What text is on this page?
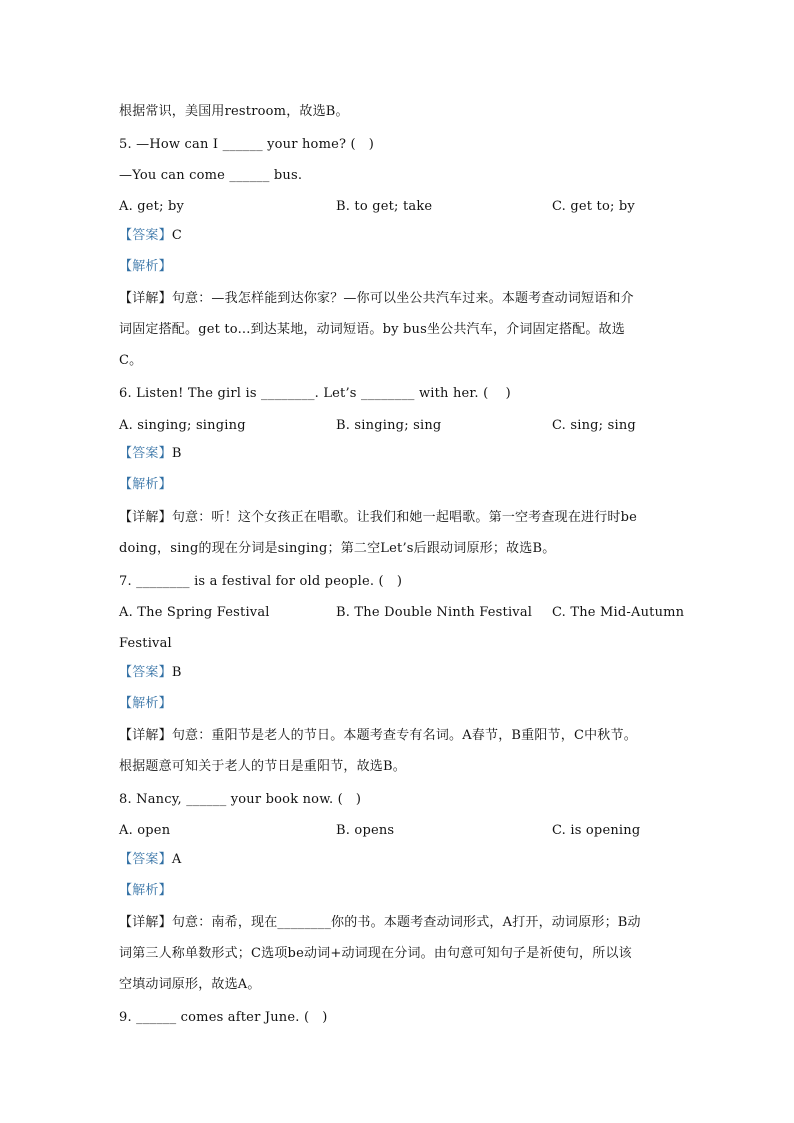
根据常识，美国用restroom，故选B。
5. —How can I ______ your home? (   )
—You can come ______ bus.
A. get; by	B. to get; take	C. get to; by
【答案】C
【解析】
【详解】句意：—我怎样能到达你家？—你可以坐公共汽车过来。本题考查动词短语和介
词固定搭配。get to...到达某地，动词短语。by bus坐公共汽车，介词固定搭配。故选
C。
6. Listen! The girl is ________. Let’s ________ with her. (    )
A. singing; singing	B. singing; sing	C. sing; sing
【答案】B
【解析】
【详解】句意：听！这个女孩正在唱歌。让我们和她一起唱歌。第一空考查现在进行时be
doing，sing的现在分词是singing；第二空Let’s后跟动词原形；故选B。
7. ________ is a festival for old people. (   )
A. The Spring Festival	B. The Double Ninth Festival C. The Mid-Autumn
Festival
【答案】B
【解析】
【详解】句意：重阳节是老人的节日。本题考查专有名词。A春节，B重阳节，C中秋节。
根据题意可知关于老人的节日是重阳节，故选B。
8. Nancy, ______ your book now. (   )
A. open	B. opens	C. is opening
【答案】A
【解析】
【详解】句意：南希，现在________你的书。本题考查动词形式，A打开，动词原形；B动
词第三人称单数形式；C选项be动词+动词现在分词。由句意可知句子是祈使句，所以该
空填动词原形，故选A。
9. ______ comes after June. (   )
